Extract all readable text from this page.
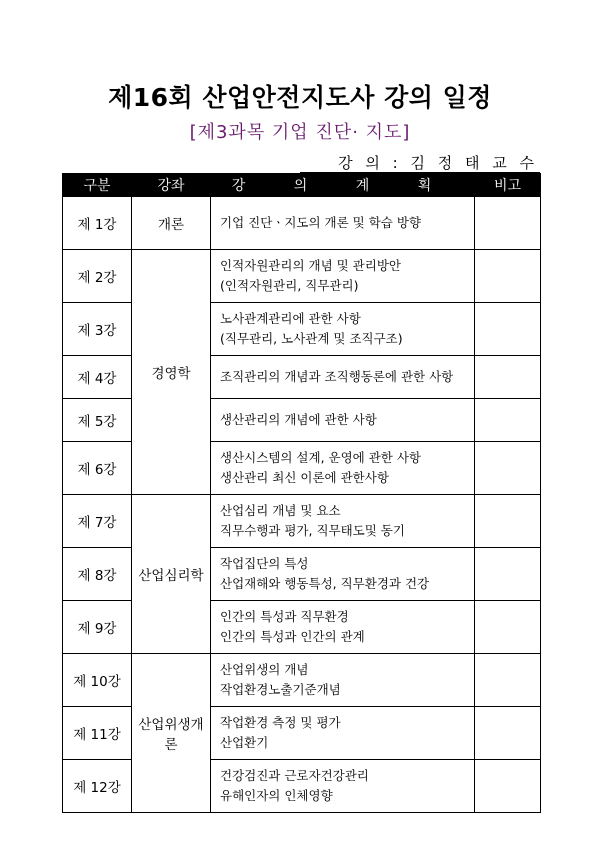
제16회 산업안전지도사 강의 일정
[제3과목 기업 진단· 지도]
강 의 : 김 정 태 교 수
구분	강좌	강 의 계 획	비고
제 1강	개론	기업 진단ㆍ지도의 개론 및 학습 방향	

제 2강	경영학	인적자원관리의 개념 및 관리방안
(인적자원관리, 직무관리)	

제 3강		노사관계관리에 관한 사항
(직무관리, 노사관계 및 조직구조)	

제 4강		조직관리의 개념과 조직행동론에 관한 사항	

제 5강		생산관리의 개념에 관한 사항	

제 6강		생산시스템의 설계, 운영에 관한 사항
생산관리 최신 이론에 관한사항	

제 7강	산업심리학	산업심리 개념 및 요소
직무수행과 평가, 직무태도및 동기	

제 8강		작업집단의 특성
산업재해와 행동특성, 직무환경과 건강	

제 9강		인간의 특성과 직무환경
인간의 특성과 인간의 관계	

제 10강	산업위생개론	산업위생의 개념
작업환경노출기준개념	

제 11강		작업환경 측정 및 평가
산업환기	

제 12강		건강검진과 근로자건강관리
유해인자의 인체영향	
